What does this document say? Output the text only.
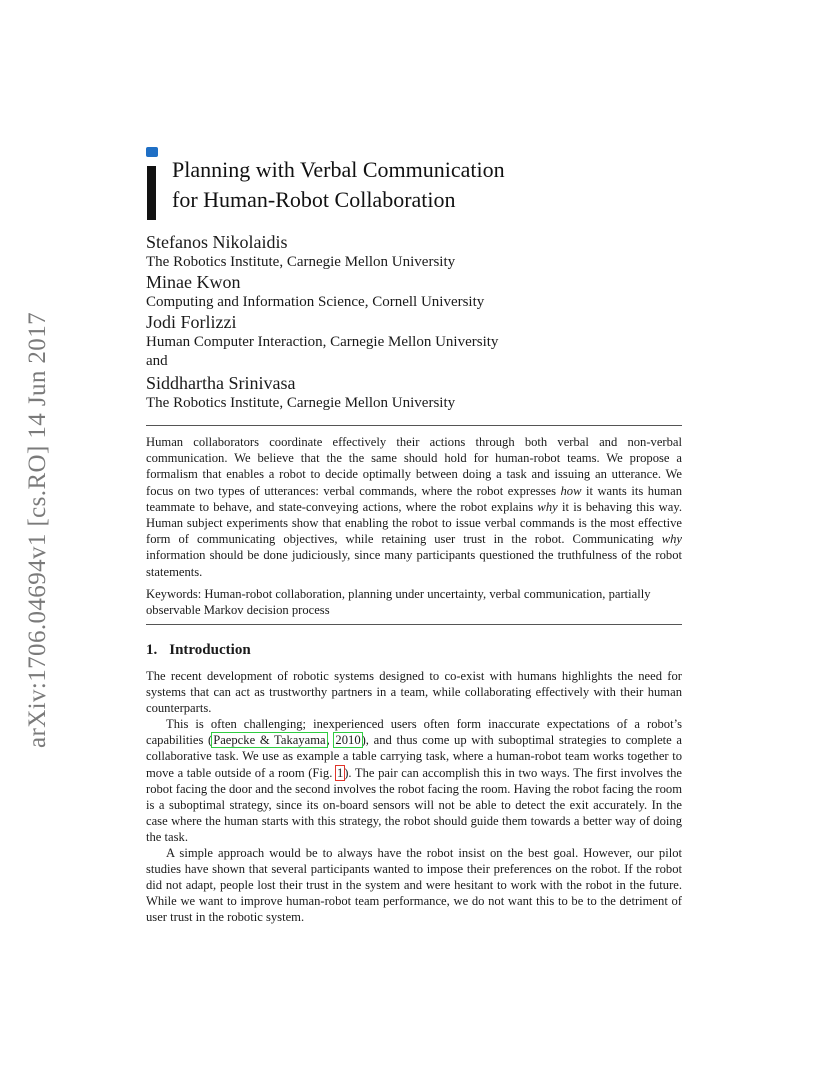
arXiv:1706.04694v1 [cs.RO] 14 Jun 2017
Planning with Verbal Communication
for Human-Robot Collaboration
Stefanos Nikolaidis
The Robotics Institute, Carnegie Mellon University
Minae Kwon
Computing and Information Science, Cornell University
Jodi Forlizzi
Human Computer Interaction, Carnegie Mellon University
and
Siddhartha Srinivasa
The Robotics Institute, Carnegie Mellon University

Human collaborators coordinate effectively their actions through both verbal and non-verbal communication. We believe that the the same should hold for human-robot teams. We propose a formalism that enables a robot to decide optimally between doing a task and issuing an utterance. We focus on two types of utterances: verbal commands, where the robot expresses how it wants its human teammate to behave, and state-conveying actions, where the robot explains why it is behaving this way. Human subject experiments show that enabling the robot to issue verbal commands is the most effective form of communicating objectives, while retaining user trust in the robot. Communicating why information should be done judiciously, since many participants questioned the truthfulness of the robot statements.

Keywords: Human-robot collaboration, planning under uncertainty, verbal communication, partially observable Markov decision process
1. Introduction

The recent development of robotic systems designed to co-exist with humans highlights the need for systems that can act as trustworthy partners in a team, while collaborating effectively with their human counterparts.

This is often challenging; inexperienced users often form inaccurate expectations of a robot’s capabilities (Paepcke & Takayama, 2010), and thus come up with suboptimal strategies to complete a collaborative task. We use as example a table carrying task, where a human-robot team works together to move a table outside of a room (Fig. 1). The pair can accomplish this in two ways. The first involves the robot facing the door and the second involves the robot facing the room. Having the robot facing the room is a suboptimal strategy, since its on-board sensors will not be able to detect the exit accurately. In the case where the human starts with this strategy, the robot should guide them towards a better way of doing the task.

A simple approach would be to always have the robot insist on the best goal. However, our pilot studies have shown that several participants wanted to impose their preferences on the robot. If the robot did not adapt, people lost their trust in the system and were hesitant to work with the robot in the future. While we want to improve human-robot team performance, we do not want this to be to the detriment of user trust in the robotic system.
